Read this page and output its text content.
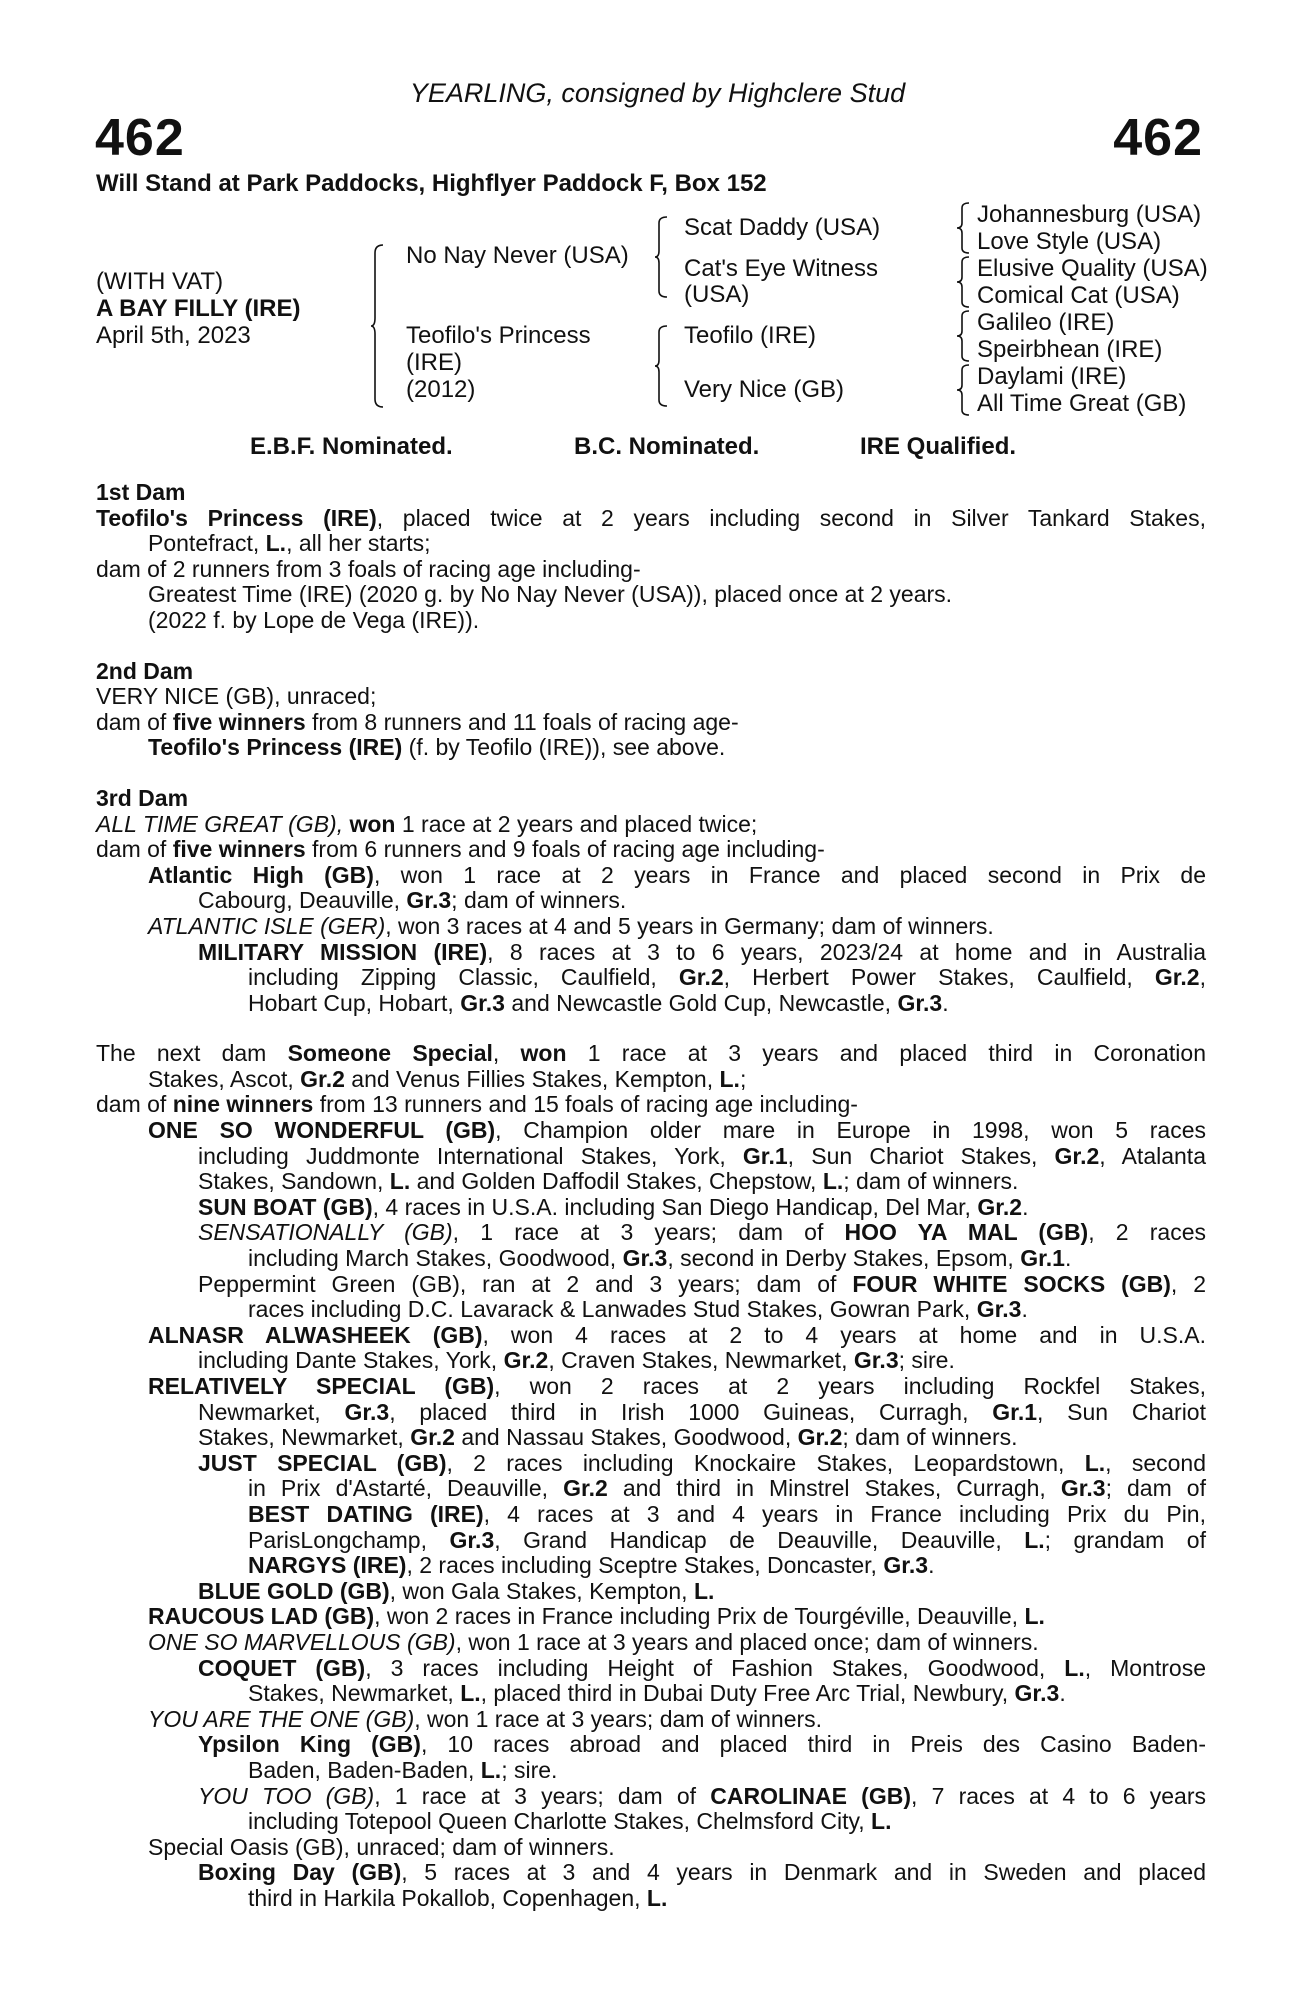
YEARLING, consigned by Highclere Stud
462	462
Will Stand at Park Paddocks, Highflyer Paddock F, Box 152
(WITH VAT)
A BAY FILLY (IRE)
April 5th, 2023
No Nay Never (USA)
Teofilo's Princess
(IRE)
(2012)
Scat Daddy (USA)
Cat's Eye Witness
(USA)
Teofilo (IRE)
Very Nice (GB)
Johannesburg (USA)
Love Style (USA)
Elusive Quality (USA)
Comical Cat (USA)
Galileo (IRE)
Speirbhean (IRE)
Daylami (IRE)
All Time Great (GB)
E.B.F. Nominated.	B.C. Nominated.	IRE Qualified.
1st Dam
Teofilo's Princess (IRE), placed twice at 2 years including second in Silver Tankard Stakes,
Pontefract, L., all her starts;
dam of 2 runners from 3 foals of racing age including-
Greatest Time (IRE) (2020 g. by No Nay Never (USA)), placed once at 2 years.
(2022 f. by Lope de Vega (IRE)).
2nd Dam
VERY NICE (GB), unraced;
dam of five winners from 8 runners and 11 foals of racing age-
Teofilo's Princess (IRE) (f. by Teofilo (IRE)), see above.
3rd Dam
ALL TIME GREAT (GB), won 1 race at 2 years and placed twice;
dam of five winners from 6 runners and 9 foals of racing age including-
Atlantic High (GB), won 1 race at 2 years in France and placed second in Prix de
Cabourg, Deauville, Gr.3; dam of winners.
ATLANTIC ISLE (GER), won 3 races at 4 and 5 years in Germany; dam of winners.
MILITARY MISSION (IRE), 8 races at 3 to 6 years, 2023/24 at home and in Australia
including Zipping Classic, Caulfield, Gr.2, Herbert Power Stakes, Caulfield, Gr.2,
Hobart Cup, Hobart, Gr.3 and Newcastle Gold Cup, Newcastle, Gr.3.
The next dam Someone Special, won 1 race at 3 years and placed third in Coronation
Stakes, Ascot, Gr.2 and Venus Fillies Stakes, Kempton, L.;
dam of nine winners from 13 runners and 15 foals of racing age including-
ONE SO WONDERFUL (GB), Champion older mare in Europe in 1998, won 5 races
including Juddmonte International Stakes, York, Gr.1, Sun Chariot Stakes, Gr.2, Atalanta
Stakes, Sandown, L. and Golden Daffodil Stakes, Chepstow, L.; dam of winners.
SUN BOAT (GB), 4 races in U.S.A. including San Diego Handicap, Del Mar, Gr.2.
SENSATIONALLY (GB), 1 race at 3 years; dam of HOO YA MAL (GB), 2 races
including March Stakes, Goodwood, Gr.3, second in Derby Stakes, Epsom, Gr.1.
Peppermint Green (GB), ran at 2 and 3 years; dam of FOUR WHITE SOCKS (GB), 2
races including D.C. Lavarack & Lanwades Stud Stakes, Gowran Park, Gr.3.
ALNASR ALWASHEEK (GB), won 4 races at 2 to 4 years at home and in U.S.A.
including Dante Stakes, York, Gr.2, Craven Stakes, Newmarket, Gr.3; sire.
RELATIVELY SPECIAL (GB), won 2 races at 2 years including Rockfel Stakes,
Newmarket, Gr.3, placed third in Irish 1000 Guineas, Curragh, Gr.1, Sun Chariot
Stakes, Newmarket, Gr.2 and Nassau Stakes, Goodwood, Gr.2; dam of winners.
JUST SPECIAL (GB), 2 races including Knockaire Stakes, Leopardstown, L., second
in Prix d'Astarté, Deauville, Gr.2 and third in Minstrel Stakes, Curragh, Gr.3; dam of
BEST DATING (IRE), 4 races at 3 and 4 years in France including Prix du Pin,
ParisLongchamp, Gr.3, Grand Handicap de Deauville, Deauville, L.; grandam of
NARGYS (IRE), 2 races including Sceptre Stakes, Doncaster, Gr.3.
BLUE GOLD (GB), won Gala Stakes, Kempton, L.
RAUCOUS LAD (GB), won 2 races in France including Prix de Tourgéville, Deauville, L.
ONE SO MARVELLOUS (GB), won 1 race at 3 years and placed once; dam of winners.
COQUET (GB), 3 races including Height of Fashion Stakes, Goodwood, L., Montrose
Stakes, Newmarket, L., placed third in Dubai Duty Free Arc Trial, Newbury, Gr.3.
YOU ARE THE ONE (GB), won 1 race at 3 years; dam of winners.
Ypsilon King (GB), 10 races abroad and placed third in Preis des Casino Baden-
Baden, Baden-Baden, L.; sire.
YOU TOO (GB), 1 race at 3 years; dam of CAROLINAE (GB), 7 races at 4 to 6 years
including Totepool Queen Charlotte Stakes, Chelmsford City, L.
Special Oasis (GB), unraced; dam of winners.
Boxing Day (GB), 5 races at 3 and 4 years in Denmark and in Sweden and placed
third in Harkila Pokallob, Copenhagen, L.
